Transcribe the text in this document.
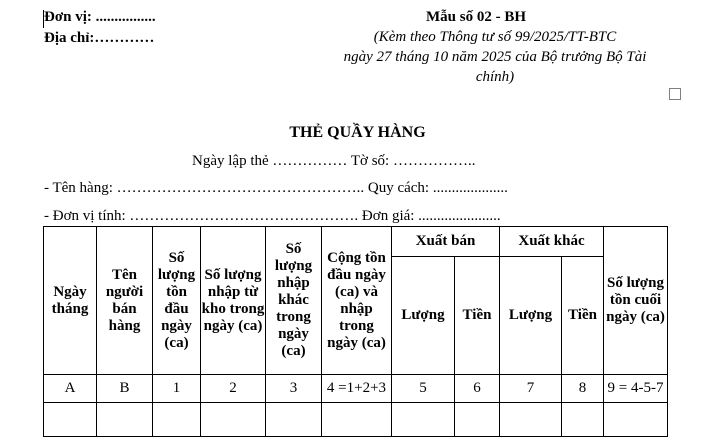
Đơn vị: ................
Địa chỉ:…………
Mẫu số 02 - BH
(Kèm theo Thông tư số 99/2025/TT-BTC
ngày 27 tháng 10 năm 2025 của Bộ trưởng Bộ Tài
chính)
THẺ QUẦY HÀNG
Ngày lập thẻ …………… Tờ số: ……………..
- Tên hàng: ………………………………………….. Quy cách: ....................
- Đơn vị tính: ………………………………………. Đơn giá: ......................
Ngày tháng	Tên người bán hàng	Số lượng tồn đầu ngày (ca)	Số lượng nhập từ kho trong ngày (ca)	Số lượng nhập khác trong ngày (ca)	Cộng tồn đầu ngày (ca) và nhập trong ngày (ca)	Xuất bán		Xuất khác		Số lượng tồn cuối ngày (ca)
						Lượng	Tiền	Lượng	Tiền	
A	B	1	2	3	4 =1+2+3	5	6	7	8	9 = 4-5-7
